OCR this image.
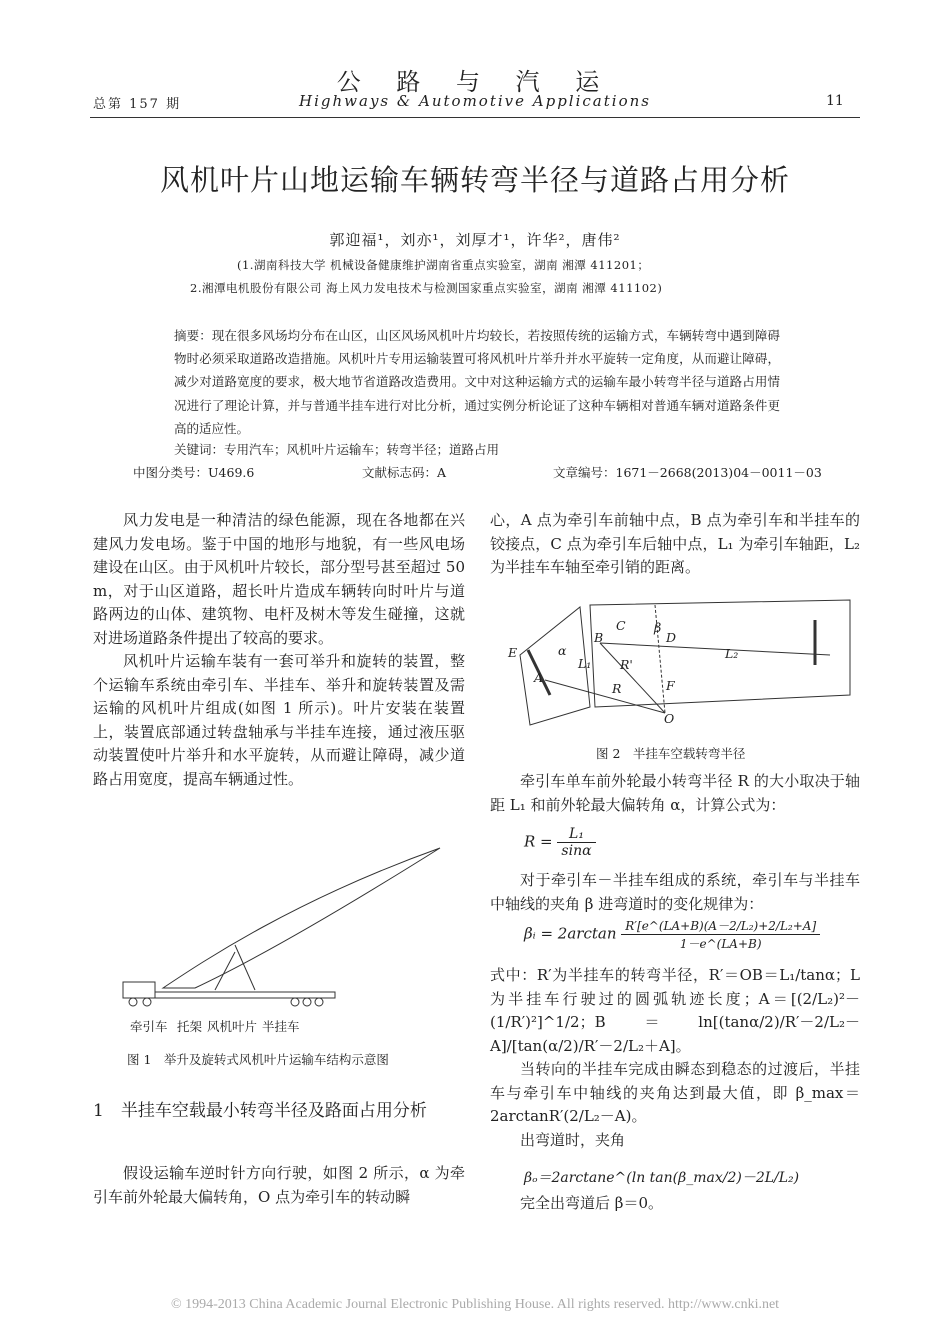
公 路 与 汽 运
总第 157 期	Highways & Automotive Applications	11
风机叶片山地运输车辆转弯半径与道路占用分析
郭迎福¹，刘亦¹，刘厚才¹，许华²，唐伟²
(1.湖南科技大学 机械设备健康维护湖南省重点实验室，湖南 湘潭 411201；
2.湘潭电机股份有限公司 海上风力发电技术与检测国家重点实验室，湖南 湘潭 411102)
摘要：现在很多风场均分布在山区，山区风场风机叶片均较长，若按照传统的运输方式，车辆转弯中遇到障碍物时必须采取道路改造措施。风机叶片专用运输装置可将风机叶片举升并水平旋转一定角度，从而避让障碍，减少对道路宽度的要求，极大地节省道路改造费用。文中对这种运输方式的运输车最小转弯半径与道路占用情况进行了理论计算，并与普通半挂车进行对比分析，通过实例分析论证了这种车辆相对普通车辆对道路条件更高的适应性。
关键词：专用汽车；风机叶片运输车；转弯半径；道路占用
中图分类号：U469.6	文献标志码：A	文章编号：1671－2668(2013)04－0011－03

风力发电是一种清洁的绿色能源，现在各地都在兴建风力发电场。鉴于中国的地形与地貌，有一些风电场建设在山区。由于风机叶片较长，部分型号甚至超过 50 m，对于山区道路，超长叶片造成车辆转向时叶片与道路两边的山体、建筑物、电杆及树木等发生碰撞，这就对进场道路条件提出了较高的要求。

风机叶片运输车装有一套可举升和旋转的装置，整个运输车系统由牵引车、半挂车、举升和旋转装置及需运输的风机叶片组成(如图 1 所示)。叶片安装在装置上，装置底部通过转盘轴承与半挂车连接，通过液压驱动装置使叶片举升和水平旋转，从而避让障碍，减少道路占用宽度，提高车辆通过性。

牵引车 托架 风机叶片 半挂车
图 1　举升及旋转式风机叶片运输车结构示意图
1　半挂车空载最小转弯半径及路面占用分析

假设运输车逆时针方向行驶，如图 2 所示，α 为牵引车前外轮最大偏转角，O 点为牵引车的转动瞬

心，A 点为牵引车前轴中点，B 点为牵引车和半挂车的铰接点，C 点为牵引车后轴中点，L₁ 为牵引车轴距，L₂ 为半挂车车轴至牵引销的距离。

E
A
α
B
C β
D
L₂
L₁ R'
R	F
O
图 2　半挂车空载转弯半径

牵引车单车前外轮最小转弯半径 R 的大小取决于轴距 L₁ 和前外轮最大偏转角 α，计算公式为：

$R = \frac{\text{L₁}}{\sin\alpha}$

对于牵引车－半挂车组成的系统，牵引车与半挂车中轴线的夹角 β 进弯道时的变化规律为：

βᵢ = $2\arctan \frac{\text{R′[e\textasciicircum{}(LA+B)(A－2/L₂)+2/L₂+A]}}{1-e\^{}(LA+B)}$

式中：R′为半挂车的转弯半径，R′＝OB＝L₁/tanα；L 为半挂车行驶过的圆弧轨迹长度；A＝[(2/L₂)²－(1/R′)²]^1/2；B＝ln[(tanα/2)/R′－2/L₂－A]/[tan(α/2)/R′－2/L₂＋A]。

当转向的半挂车完成由瞬态到稳态的过渡后，半挂车与牵引车中轴线的夹角达到最大值，即 β_max＝2arctanR′(2/L₂－A)。

出弯道时，夹角

βₒ＝2arctane^(ln tan(β_max/2)－2L/L₂)

完全出弯道后 β＝0。

© 1994-2013 China Academic Journal Electronic Publishing House. All rights reserved. http://www.cnki.net
